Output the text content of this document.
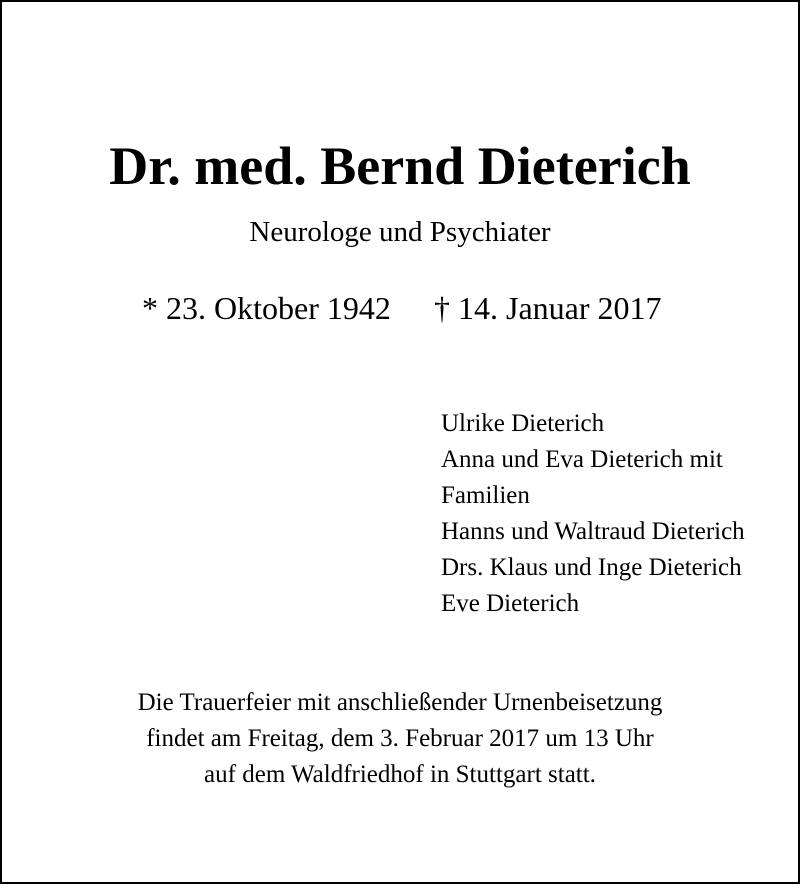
Dr. med. Bernd Dieterich
Neurologe und Psychiater
* 23. Oktober 1942 † 14. Januar 2017
Ulrike Dieterich
Anna und Eva Dieterich mit
Familien
Hanns und Waltraud Dieterich
Drs. Klaus und Inge Dieterich
Eve Dieterich
Die Trauerfeier mit anschließender Urnenbeisetzung
findet am Freitag, dem 3. Februar 2017 um 13 Uhr
auf dem Waldfriedhof in Stuttgart statt.
